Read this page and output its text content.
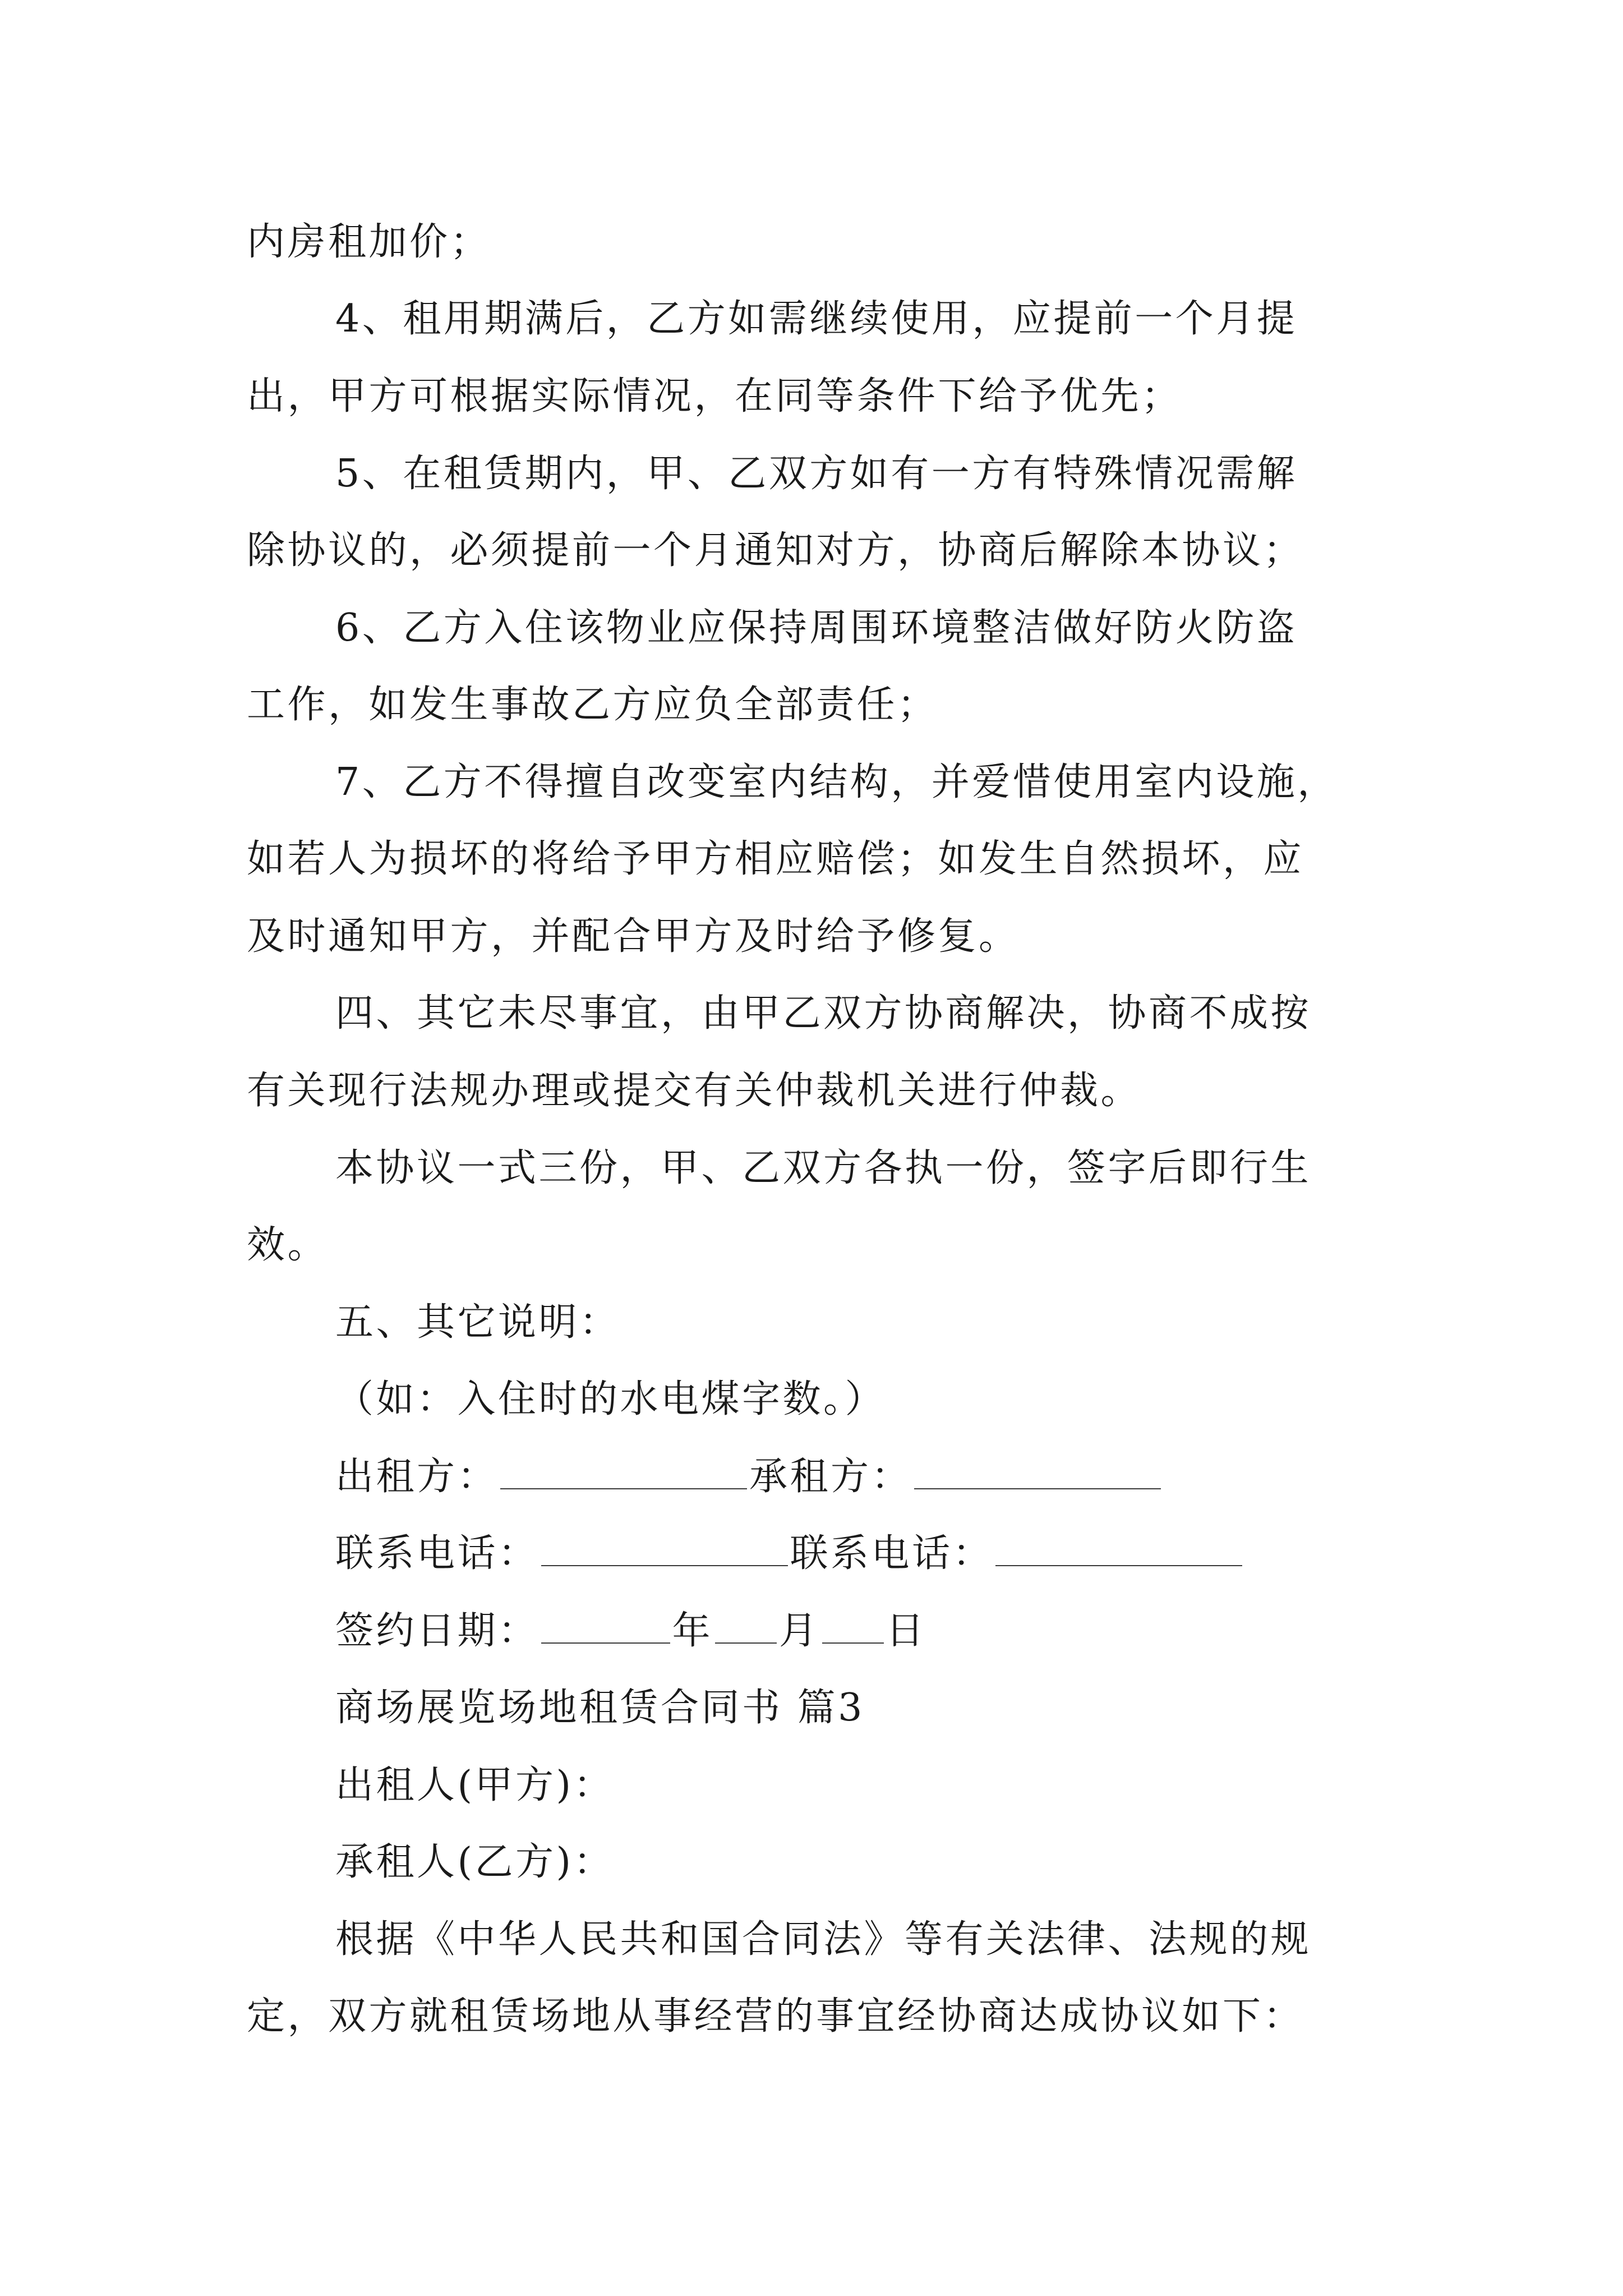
内房租加价；

4、租用期满后，乙方如需继续使用，应提前一个月提

出，甲方可根据实际情况，在同等条件下给予优先；

5、在租赁期内，甲、乙双方如有一方有特殊情况需解

除协议的，必须提前一个月通知对方，协商后解除本协议；

6、乙方入住该物业应保持周围环境整洁做好防火防盗

工作，如发生事故乙方应负全部责任；

7、乙方不得擅自改变室内结构，并爱惜使用室内设施，

如若人为损坏的将给予甲方相应赔偿；如发生自然损坏，应

及时通知甲方，并配合甲方及时给予修复。

四、其它未尽事宜，由甲乙双方协商解决，协商不成按

有关现行法规办理或提交有关仲裁机关进行仲裁。

本协议一式三份，甲、乙双方各执一份，签字后即行生

效。

五、其它说明：

（如：入住时的水电煤字数。）

出租方：	承租方：

联系电话：	联系电话：

签约日期：	年 月 日

商场展览场地租赁合同书 篇3

出租人(甲方)：

承租人(乙方)：

根据《中华人民共和国合同法》等有关法律、法规的规

定，双方就租赁场地从事经营的事宜经协商达成协议如下：
